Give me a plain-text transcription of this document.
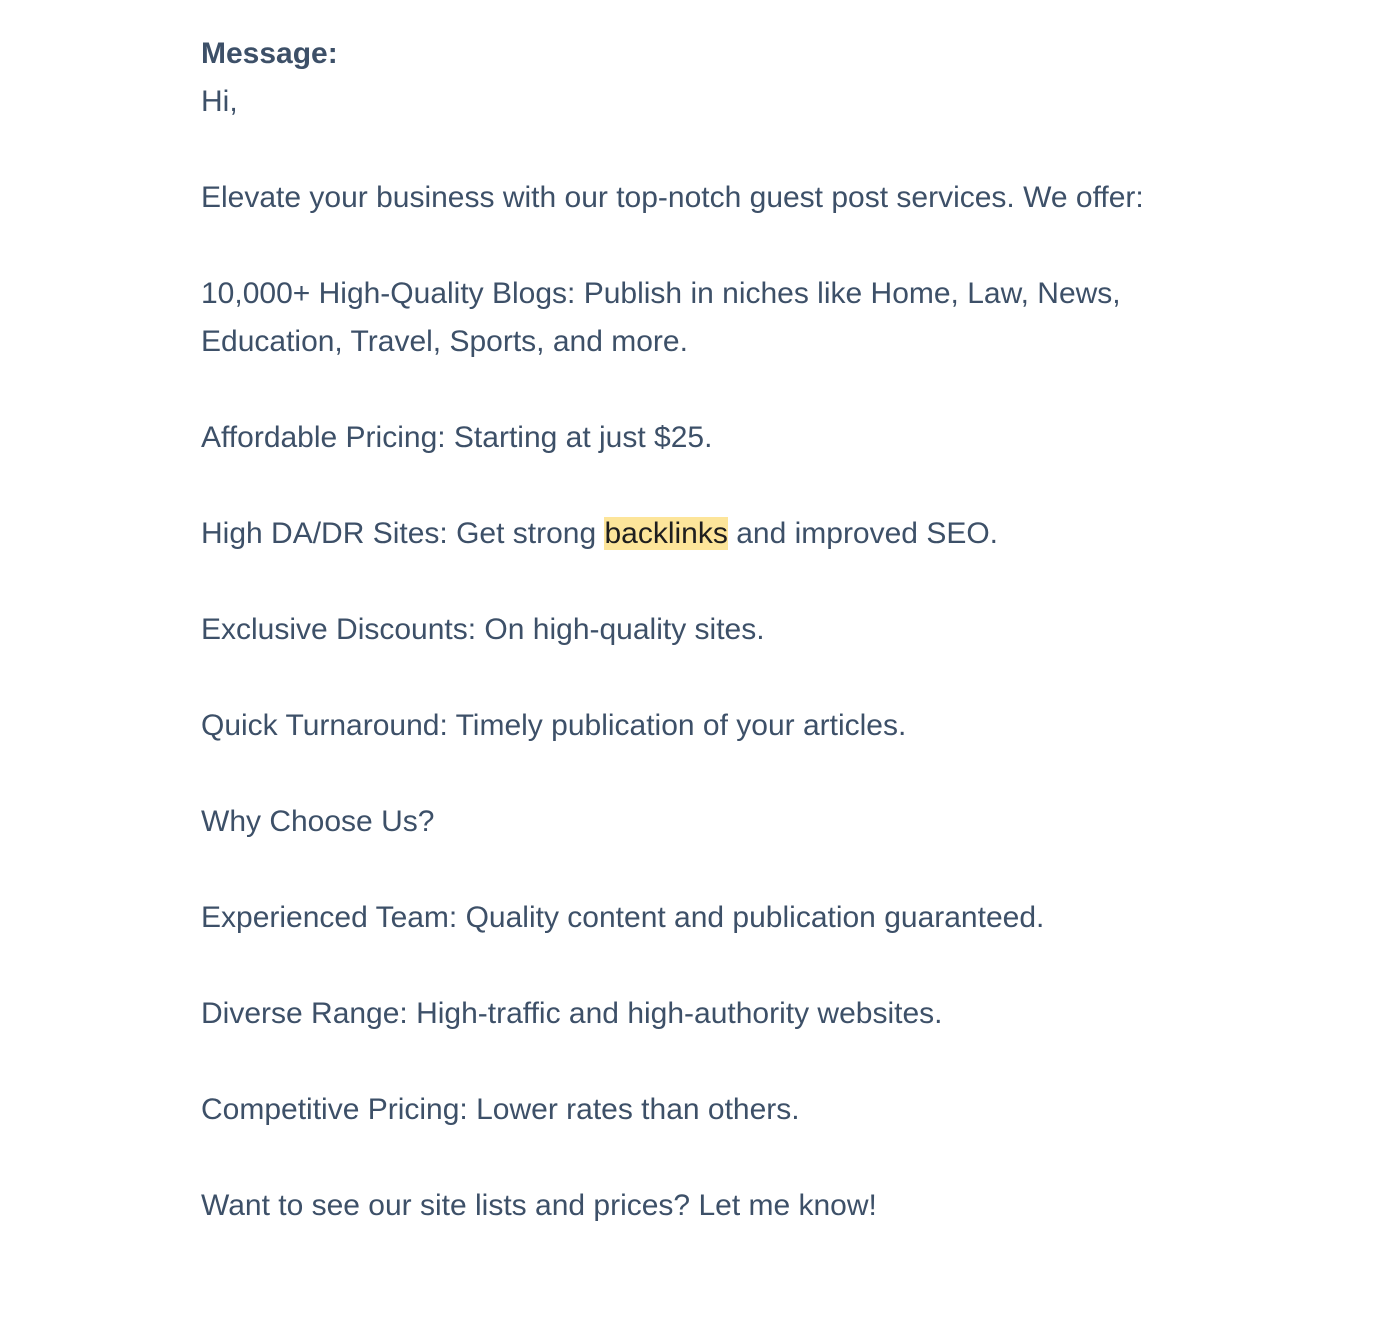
Message:

Hi,

Elevate your business with our top-notch guest post services. We offer:

10,000+ High-Quality Blogs: Publish in niches like Home, Law, News, Education, Travel, Sports, and more.

Affordable Pricing: Starting at just $25.

High DA/DR Sites: Get strong backlinks and improved SEO.

Exclusive Discounts: On high-quality sites.

Quick Turnaround: Timely publication of your articles.

Why Choose Us?

Experienced Team: Quality content and publication guaranteed.

Diverse Range: High-traffic and high-authority websites.

Competitive Pricing: Lower rates than others.

Want to see our site lists and prices? Let me know!
